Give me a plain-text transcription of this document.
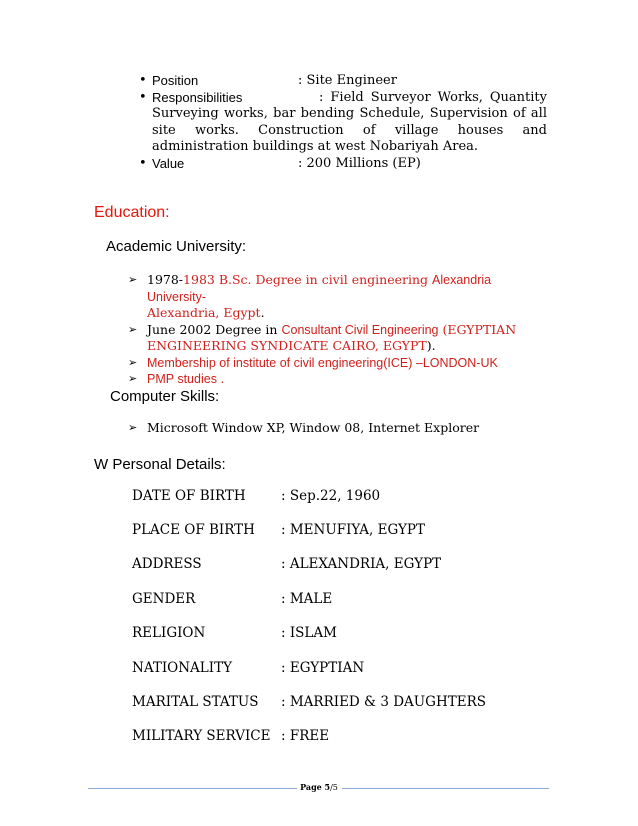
• Position	: Site Engineer
• Responsibilities	: Field Surveyor Works, Quantity Surveying works, bar bending Schedule, Supervision of all site works. Construction of village houses and administration buildings at west Nobariyah Area.
• Value	: 200 Millions (EP)
Education:
Academic University:
➢ 1978-1983 B.Sc. Degree in civil engineering Alexandria University-
Alexandria, Egypt.
➢ June 2002 Degree in Consultant Civil Engineering (EGYPTIAN ENGINEERING SYNDICATE CAIRO, EGYPT).
➢ Membership of institute of civil engineering(ICE) –LONDON-UK
➢ PMP studies .
Computer Skills:
➢ Microsoft Window XP, Window 08, Internet Explorer
W Personal Details:
DATE OF BIRTH	: Sep.22, 1960
PLACE OF BIRTH	: MENUFIYA, EGYPT
ADDRESS	: ALEXANDRIA, EGYPT
GENDER	: MALE
RELIGION	: ISLAM
NATIONALITY	: EGYPTIAN
MARITAL STATUS	: MARRIED & 3 DAUGHTERS
MILITARY SERVICE : FREE
Page 5/5
